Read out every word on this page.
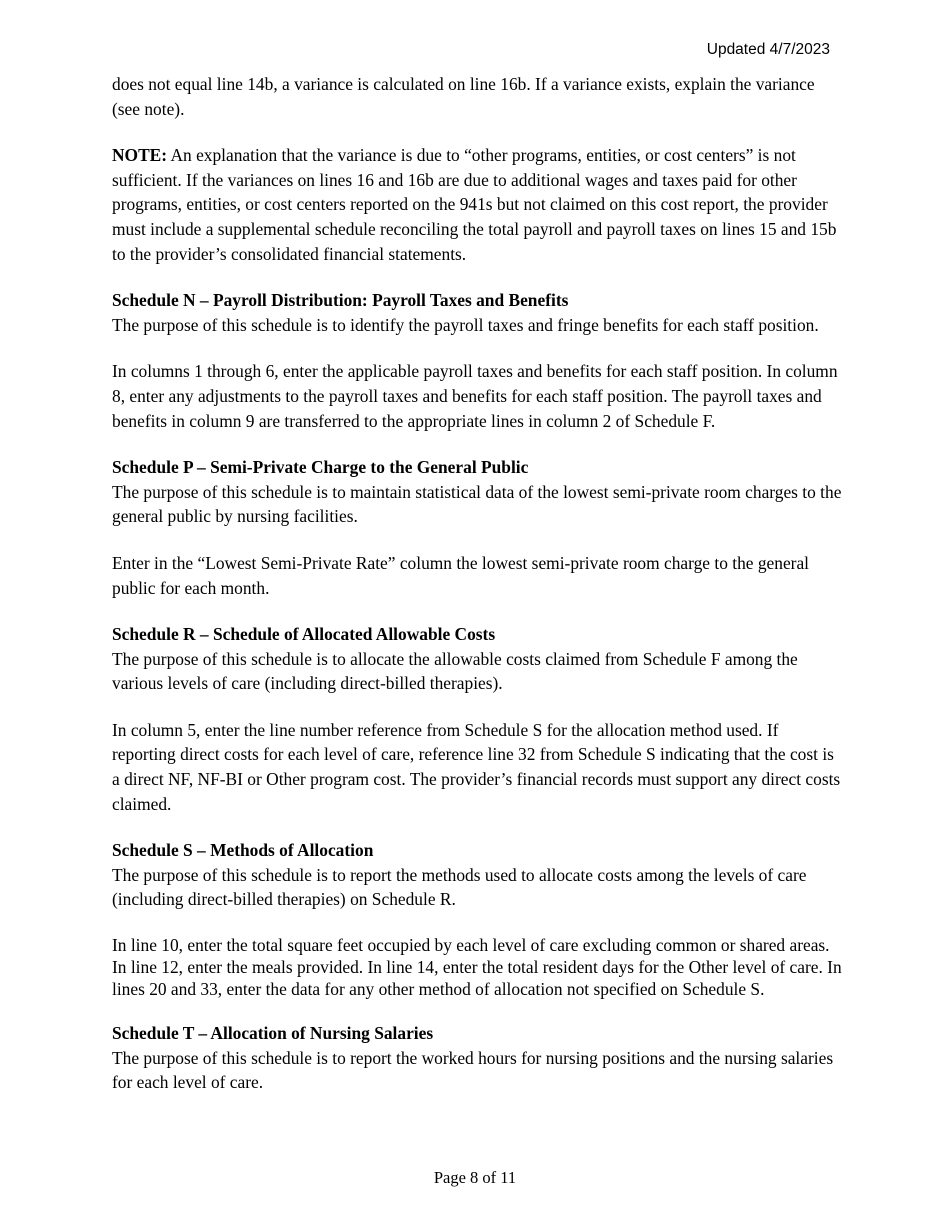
Updated 4/7/2023

does not equal line 14b, a variance is calculated on line 16b. If a variance exists, explain the variance (see note).

NOTE: An explanation that the variance is due to “other programs, entities, or cost centers” is not sufficient. If the variances on lines 16 and 16b are due to additional wages and taxes paid for other programs, entities, or cost centers reported on the 941s but not claimed on this cost report, the provider must include a supplemental schedule reconciling the total payroll and payroll taxes on lines 15 and 15b to the provider’s consolidated financial statements.

Schedule N – Payroll Distribution: Payroll Taxes and Benefits

The purpose of this schedule is to identify the payroll taxes and fringe benefits for each staff position.

In columns 1 through 6, enter the applicable payroll taxes and benefits for each staff position. In column 8, enter any adjustments to the payroll taxes and benefits for each staff position. The payroll taxes and benefits in column 9 are transferred to the appropriate lines in column 2 of Schedule F.

Schedule P – Semi-Private Charge to the General Public

The purpose of this schedule is to maintain statistical data of the lowest semi-private room charges to the general public by nursing facilities.

Enter in the “Lowest Semi-Private Rate” column the lowest semi-private room charge to the general public for each month.

Schedule R – Schedule of Allocated Allowable Costs

The purpose of this schedule is to allocate the allowable costs claimed from Schedule F among the various levels of care (including direct-billed therapies).

In column 5, enter the line number reference from Schedule S for the allocation method used. If reporting direct costs for each level of care, reference line 32 from Schedule S indicating that the cost is a direct NF, NF-BI or Other program cost. The provider’s financial records must support any direct costs claimed.

Schedule S – Methods of Allocation

The purpose of this schedule is to report the methods used to allocate costs among the levels of care (including direct-billed therapies) on Schedule R.

In line 10, enter the total square feet occupied by each level of care excluding common or shared areas. In line 12, enter the meals provided. In line 14, enter the total resident days for the Other level of care. In lines 20 and 33, enter the data for any other method of allocation not specified on Schedule S.

Schedule T – Allocation of Nursing Salaries

The purpose of this schedule is to report the worked hours for nursing positions and the nursing salaries for each level of care.

Page 8 of 11
